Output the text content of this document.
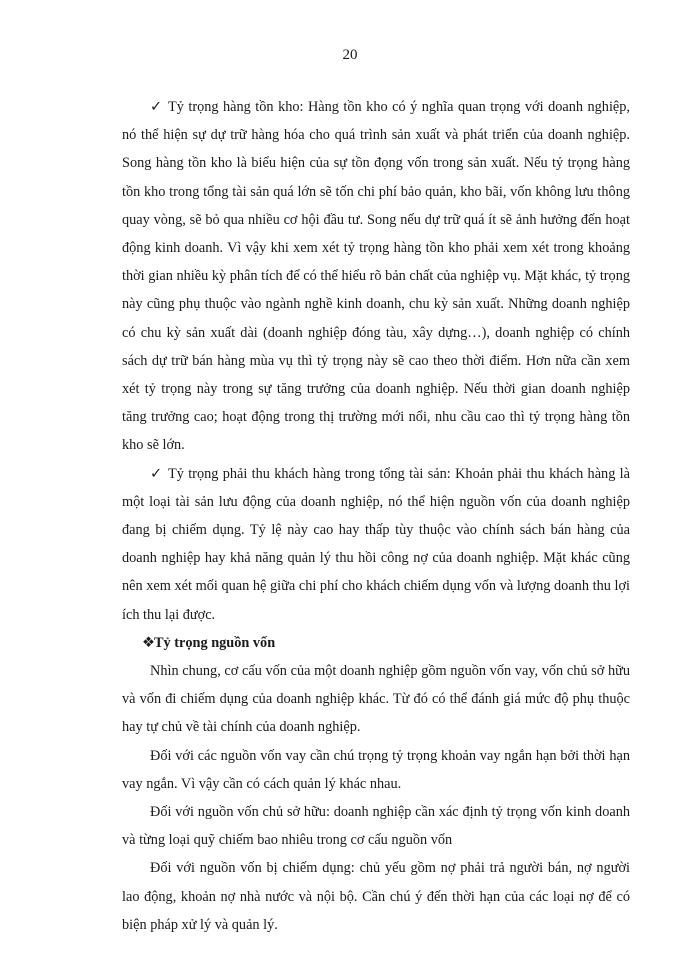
20

✓ Tỷ trọng hàng tồn kho: Hàng tồn kho có ý nghĩa quan trọng với doanh nghiệp, nó thể hiện sự dự trữ hàng hóa cho quá trình sản xuất và phát triển của doanh nghiệp. Song hàng tồn kho là biểu hiện của sự tồn đọng vốn trong sản xuất. Nếu tỷ trọng hàng tồn kho trong tổng tài sản quá lớn sẽ tốn chi phí bảo quản, kho bãi, vốn không lưu thông quay vòng, sẽ bỏ qua nhiều cơ hội đầu tư. Song nếu dự trữ quá ít sẽ ảnh hưởng đến hoạt động kinh doanh. Vì vậy khi xem xét tỷ trọng hàng tồn kho phải xem xét trong khoảng thời gian nhiều kỳ phân tích để có thể hiểu rõ bản chất của nghiệp vụ. Mặt khác, tỷ trọng này cũng phụ thuộc vào ngành nghề kinh doanh, chu kỳ sản xuất. Những doanh nghiệp có chu kỳ sản xuất dài (doanh nghiệp đóng tàu, xây dựng…), doanh nghiệp có chính sách dự trữ bán hàng mùa vụ thì tỷ trọng này sẽ cao theo thời điểm. Hơn nữa cần xem xét tỷ trọng này trong sự tăng trưởng của doanh nghiệp. Nếu thời gian doanh nghiệp tăng trưởng cao; hoạt động trong thị trường mới nổi, nhu cầu cao thì tỷ trọng hàng tồn kho sẽ lớn.

✓ Tỷ trọng phải thu khách hàng trong tổng tài sản: Khoản phải thu khách hàng là một loại tài sản lưu động của doanh nghiệp, nó thể hiện nguồn vốn của doanh nghiệp đang bị chiếm dụng. Tỷ lệ này cao hay thấp tùy thuộc vào chính sách bán hàng của doanh nghiệp hay khả năng quản lý thu hồi công nợ của doanh nghiệp. Mặt khác cũng nên xem xét mối quan hệ giữa chi phí cho khách chiếm dụng vốn và lượng doanh thu lợi ích thu lại được.

❖Tỷ trọng nguồn vốn

Nhìn chung, cơ cấu vốn của một doanh nghiệp gồm nguồn vốn vay, vốn chủ sở hữu và vốn đi chiếm dụng của doanh nghiệp khác. Từ đó có thể đánh giá mức độ phụ thuộc hay tự chủ về tài chính của doanh nghiệp.

Đối với các nguồn vốn vay cần chú trọng tỷ trọng khoản vay ngắn hạn bởi thời hạn vay ngắn. Vì vậy cần có cách quản lý khác nhau.

Đối với nguồn vốn chủ sở hữu: doanh nghiệp cần xác định tỷ trọng vốn kinh doanh và từng loại quỹ chiếm bao nhiêu trong cơ cấu nguồn vốn

Đối với nguồn vốn bị chiếm dụng: chủ yếu gồm nợ phải trả người bán, nợ người lao động, khoản nợ nhà nước và nội bộ. Cần chú ý đến thời hạn của các loại nợ để có biện pháp xử lý và quản lý.
